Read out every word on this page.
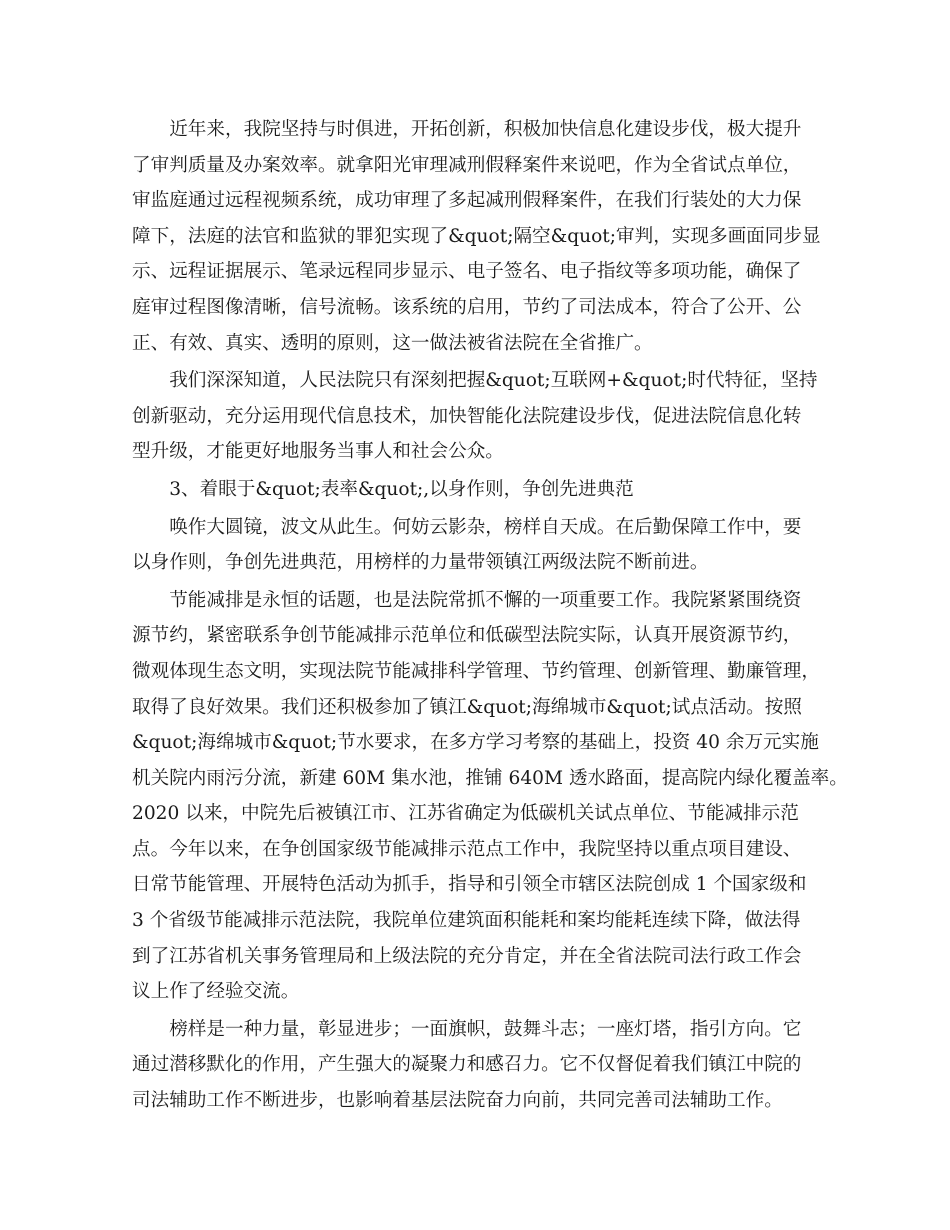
近年来，我院坚持与时俱进，开拓创新，积极加快信息化建设步伐，极大提升
了审判质量及办案效率。就拿阳光审理减刑假释案件来说吧，作为全省试点单位，
审监庭通过远程视频系统，成功审理了多起减刑假释案件，在我们行装处的大力保
障下，法庭的法官和监狱的罪犯实现了&quot;隔空&quot;审判，实现多画面同步显
示、远程证据展示、笔录远程同步显示、电子签名、电子指纹等多项功能，确保了
庭审过程图像清晰，信号流畅。该系统的启用，节约了司法成本，符合了公开、公
正、有效、真实、透明的原则，这一做法被省法院在全省推广。
我们深深知道，人民法院只有深刻把握&quot;互联网+&quot;时代特征，坚持
创新驱动，充分运用现代信息技术，加快智能化法院建设步伐，促进法院信息化转
型升级，才能更好地服务当事人和社会公众。
3、着眼于&quot;表率&quot;,以身作则，争创先进典范
唤作大圆镜，波文从此生。何妨云影杂，榜样自天成。在后勤保障工作中，要
以身作则，争创先进典范，用榜样的力量带领镇江两级法院不断前进。
节能减排是永恒的话题，也是法院常抓不懈的一项重要工作。我院紧紧围绕资
源节约，紧密联系争创节能减排示范单位和低碳型法院实际，认真开展资源节约，
微观体现生态文明，实现法院节能减排科学管理、节约管理、创新管理、勤廉管理，
取得了良好效果。我们还积极参加了镇江&quot;海绵城市&quot;试点活动。按照
&quot;海绵城市&quot;节水要求，在多方学习考察的基础上，投资 40 余万元实施
机关院内雨污分流，新建 60M 集水池，推铺 640M 透水路面，提高院内绿化覆盖率。
2020 以来，中院先后被镇江市、江苏省确定为低碳机关试点单位、节能减排示范
点。今年以来，在争创国家级节能减排示范点工作中，我院坚持以重点项目建设、
日常节能管理、开展特色活动为抓手，指导和引领全市辖区法院创成 1 个国家级和
3 个省级节能减排示范法院，我院单位建筑面积能耗和案均能耗连续下降，做法得
到了江苏省机关事务管理局和上级法院的充分肯定，并在全省法院司法行政工作会
议上作了经验交流。
榜样是一种力量，彰显进步；一面旗帜，鼓舞斗志；一座灯塔，指引方向。它
通过潜移默化的作用，产生强大的凝聚力和感召力。它不仅督促着我们镇江中院的
司法辅助工作不断进步，也影响着基层法院奋力向前，共同完善司法辅助工作。
